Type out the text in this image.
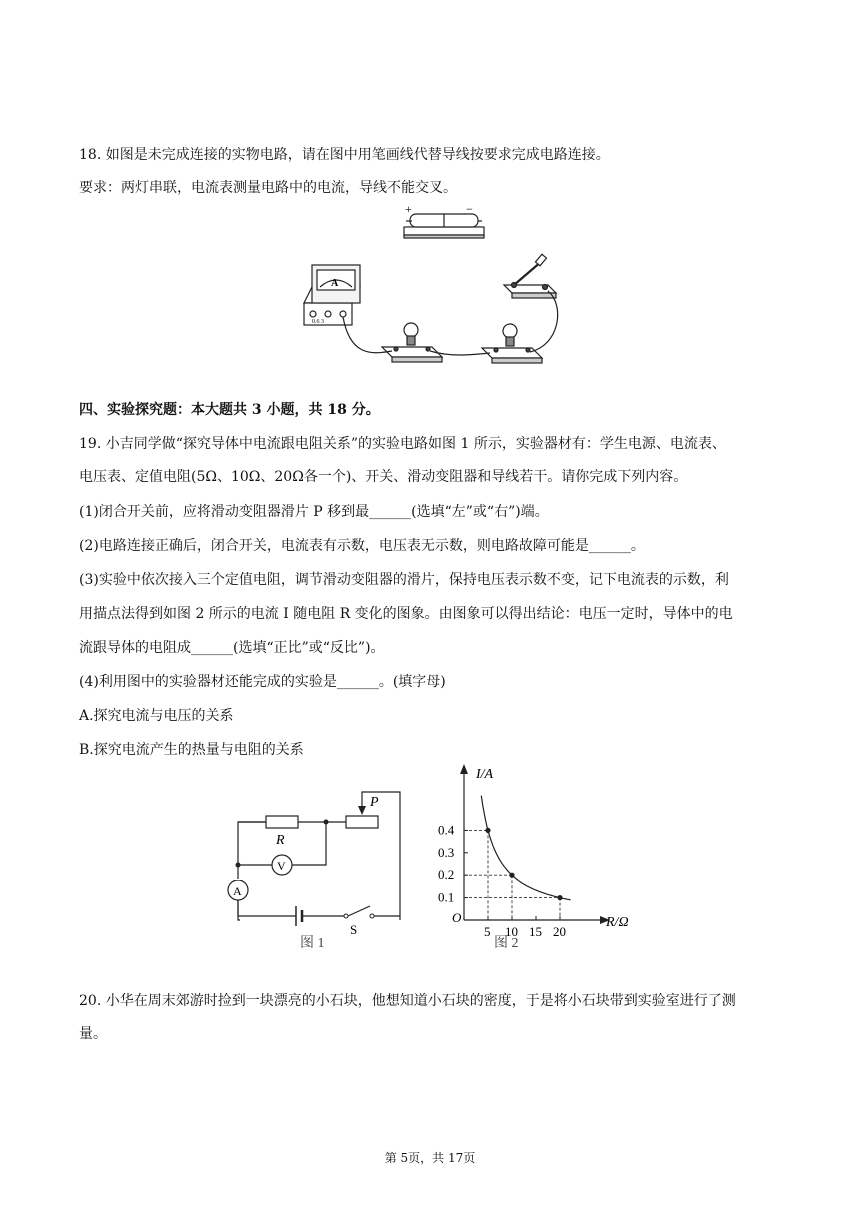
18. 如图是未完成连接的实物电路，请在图中用笔画线代替导线按要求完成电路连接。
要求：两灯串联，电流表测量电路中的电流，导线不能交叉。
+	−
A
0.6 3
四、实验探究题：本大题共 3 小题，共 18 分。
19. 小吉同学做“探究导体中电流跟电阻关系”的实验电路如图 1 所示，实验器材有：学生电源、电流表、
电压表、定值电阻(5Ω、10Ω、20Ω各一个)、开关、滑动变阻器和导线若干。请你完成下列内容。
(1)闭合开关前，应将滑动变阻器滑片 P 移到最______(选填“左”或“右”)端。
(2)电路连接正确后，闭合开关，电流表有示数，电压表无示数，则电路故障可能是______。
(3)实验中依次接入三个定值电阻，调节滑动变阻器的滑片，保持电压表示数不变，记下电流表的示数，利
用描点法得到如图 2 所示的电流 I 随电阻 R 变化的图象。由图象可以得出结论：电压一定时，导体中的电
流跟导体的电阻成______(选填“正比”或“反比”)。
(4)利用图中的实验器材还能完成的实验是______。(填字母)
A.探究电流与电压的关系
B.探究电流产生的热量与电阻的关系
R
P
V
A
S
图 1
I/A
R/Ω
O
图 2
0.1
0.2
0.3
0.4
5 10 15 20
20. 小华在周末郊游时捡到一块漂亮的小石块，他想知道小石块的密度，于是将小石块带到实验室进行了测
量。
第 5页，共 17页
